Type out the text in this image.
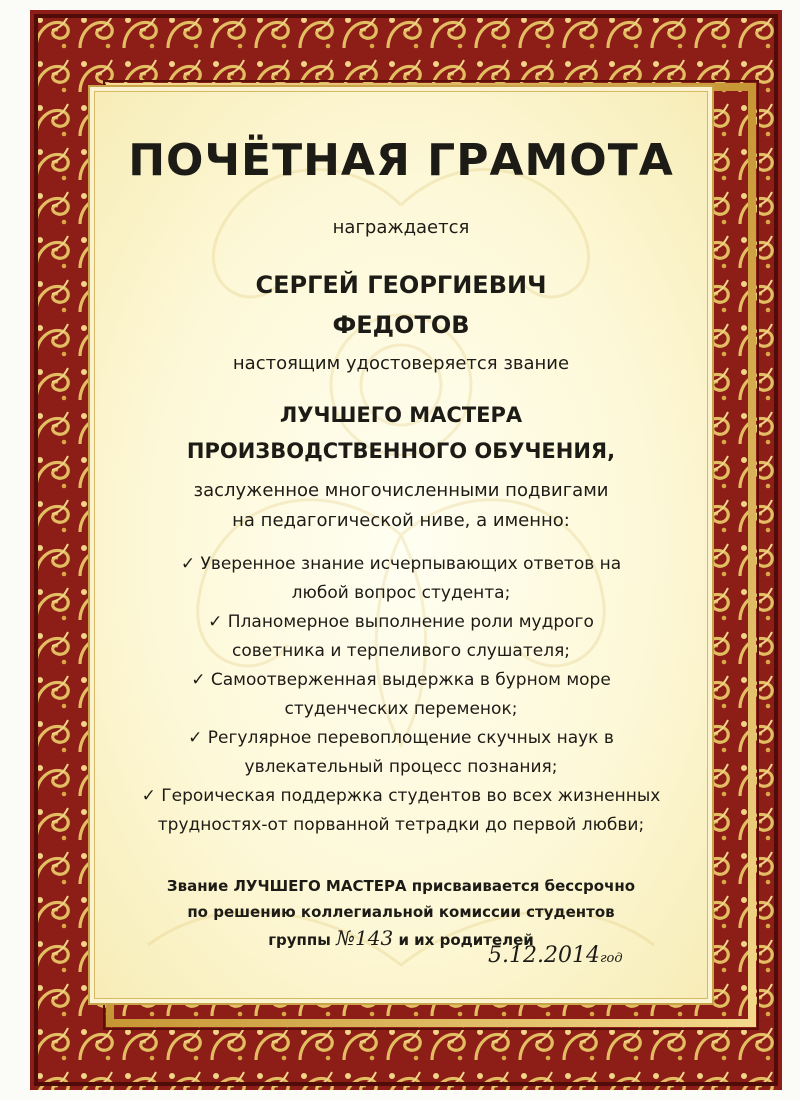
ПОЧЁТНАЯ ГРАМОТА
награждается
СЕРГЕЙ ГЕОРГИЕВИЧ
ФЕДОТОВ
настоящим удостоверяется звание
ЛУЧШЕГО МАСТЕРА
ПРОИЗВОДСТВЕННОГО ОБУЧЕНИЯ,
заслуженное многочисленными подвигами
на педагогической ниве, а именно:
✓ Уверенное знание исчерпывающих ответов на
любой вопрос студента;
✓ Планомерное выполнение роли мудрого
советника и терпеливого слушателя;
✓ Самоотверженная выдержка в бурном море
студенческих переменок;
✓ Регулярное перевоплощение скучных наук в
увлекательный процесс познания;
✓ Героическая поддержка студентов во всех жизненных
трудностях-от порванной тетрадки до первой любви;
Звание ЛУЧШЕГО МАСТЕРА присваивается бессрочно
по решению коллегиальной комиссии студентов
группы №143 и их родителей
5.12.2014год
